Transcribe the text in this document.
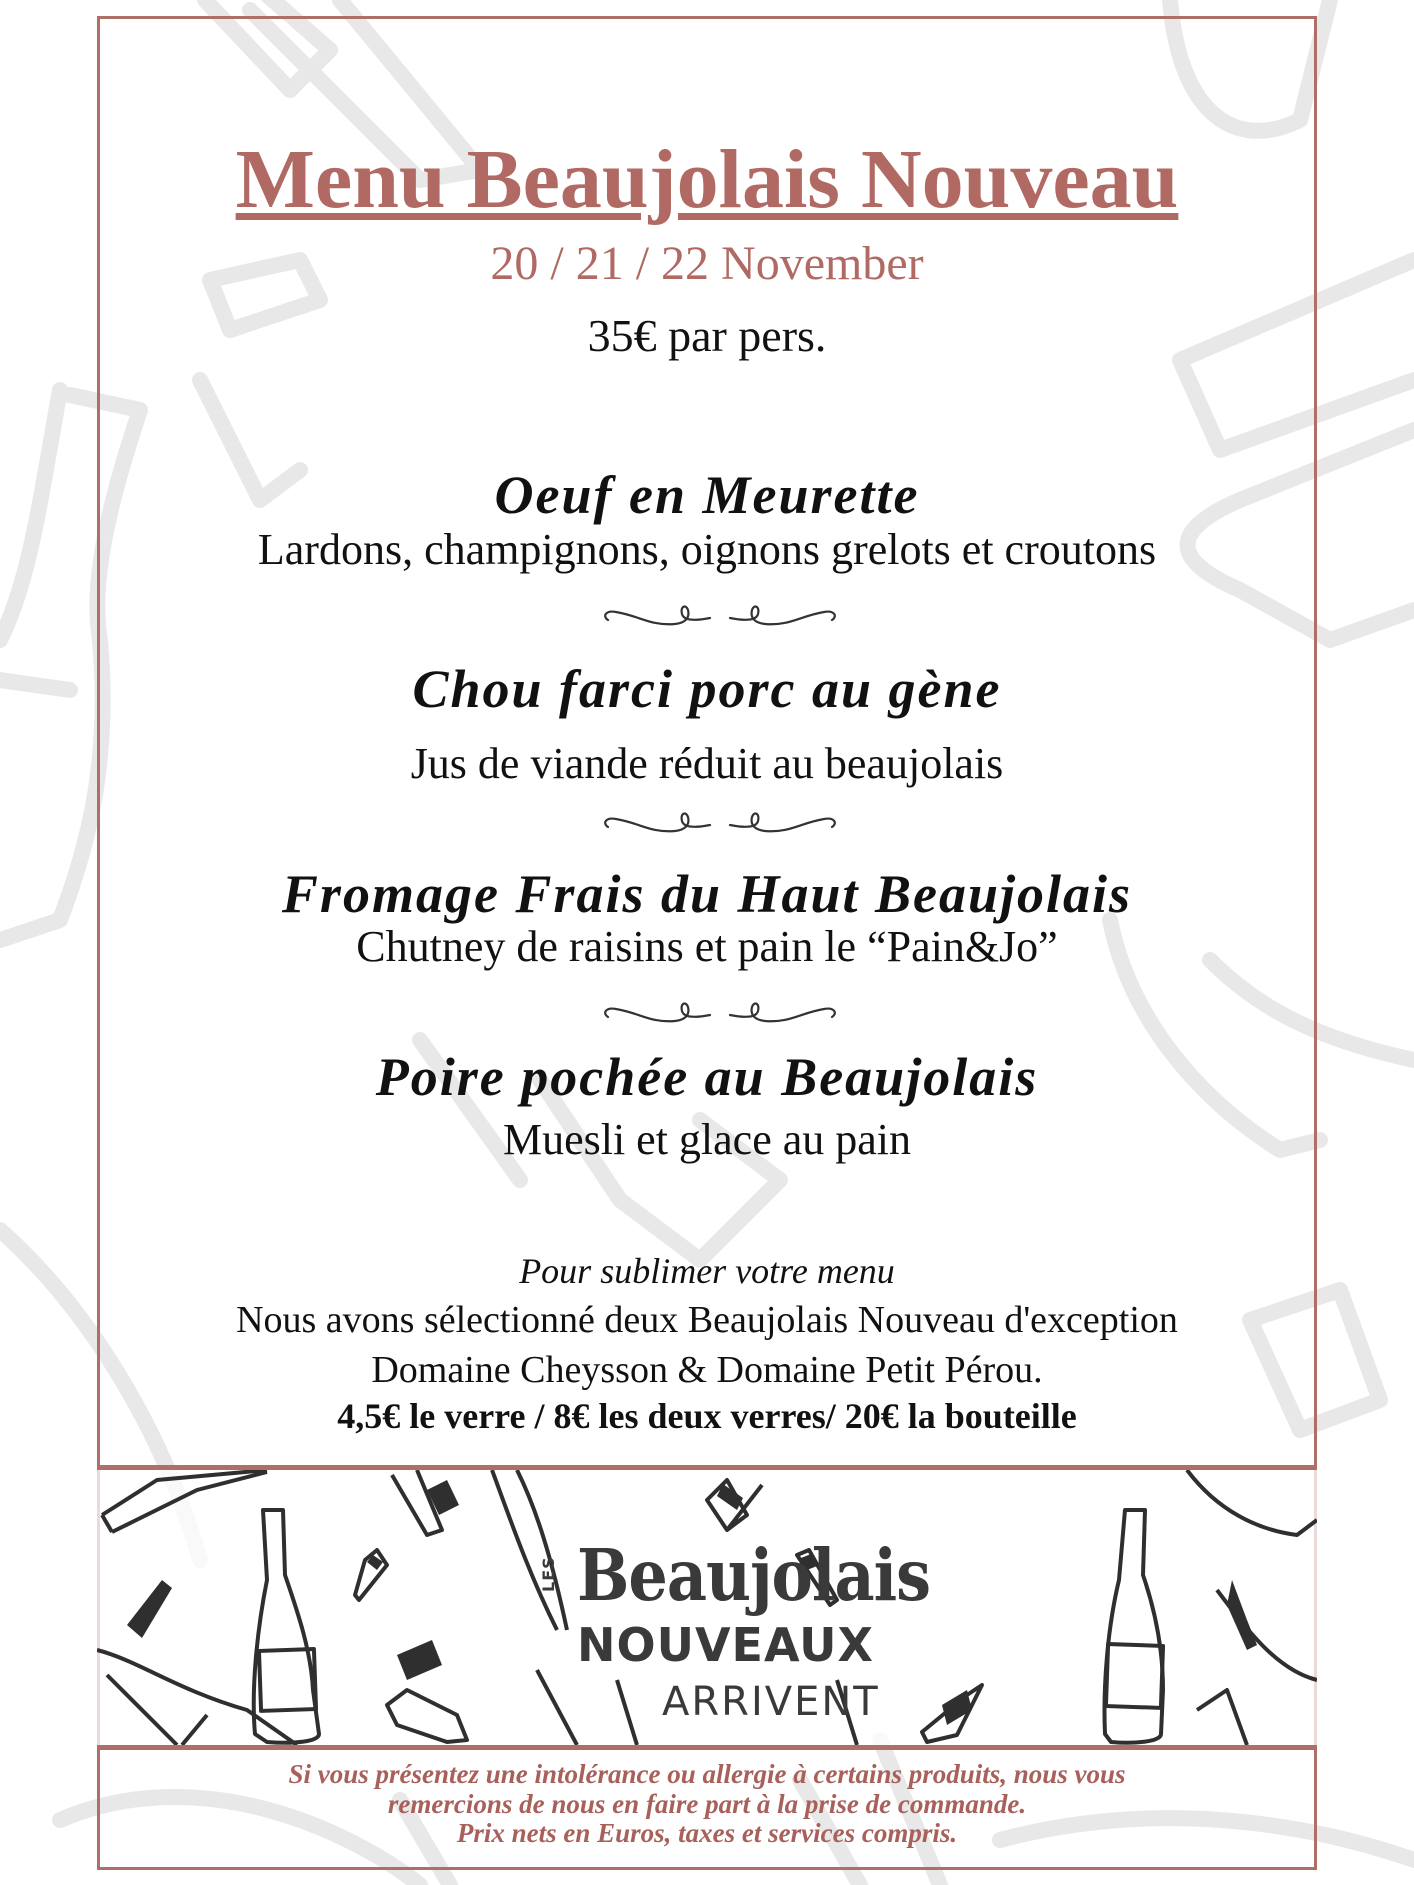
Menu Beaujolais Nouveau
20 / 21 / 22 November
35€ par pers.
Oeuf en Meurette
Lardons, champignons, oignons grelots et croutons
Chou farci porc au gène
Jus de viande réduit au beaujolais
Fromage Frais du Haut Beaujolais
Chutney de raisins et pain le “Pain&Jo”
Poire pochée au Beaujolais
Muesli et glace au pain
Pour sublimer votre menu
Nous avons sélectionné deux Beaujolais Nouveau d'exception
Domaine Cheysson & Domaine Petit Pérou.
4,5€ le verre / 8€ les deux verres/ 20€ la bouteille
LES Beaujolais
NOUVEAUX
ARRIVENT
Si vous présentez une intolérance ou allergie à certains produits, nous vous
remercions de nous en faire part à la prise de commande.
Prix nets en Euros, taxes et services compris.
